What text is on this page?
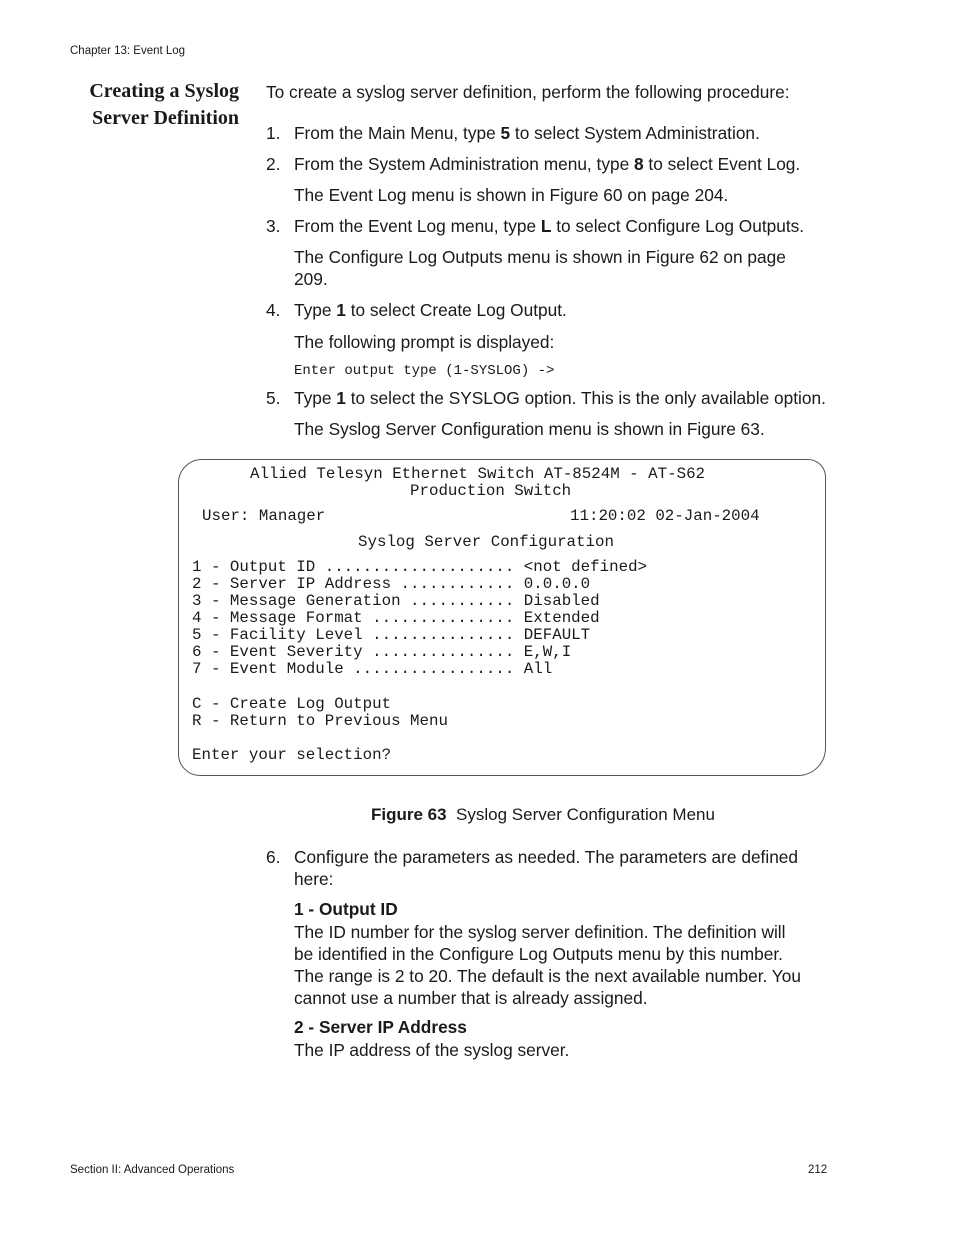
Chapter 13: Event Log
Creating a Syslog
Server Definition
To create a syslog server definition, perform the following procedure:
1. From the Main Menu, type 5 to select System Administration.
2. From the System Administration menu, type 8 to select Event Log.
The Event Log menu is shown in Figure 60 on page 204.
3. From the Event Log menu, type L to select Configure Log Outputs.
The Configure Log Outputs menu is shown in Figure 62 on page
209.
4. Type 1 to select Create Log Output.
The following prompt is displayed:
Enter output type (1-SYSLOG) ->
5. Type 1 to select the SYSLOG option. This is the only available option.
The Syslog Server Configuration menu is shown in Figure 63.
Allied Telesyn Ethernet Switch AT-8524M - AT-S62
Production Switch
User: Manager	11:20:02 02-Jan-2004
Syslog Server Configuration
1 - Output ID .................... <not defined>
2 - Server IP Address ............ 0.0.0.0
3 - Message Generation ........... Disabled
4 - Message Format ............... Extended
5 - Facility Level ............... DEFAULT
6 - Event Severity ............... E,W,I
7 - Event Module ................. All
C - Create Log Output
R - Return to Previous Menu
Enter your selection?
Figure 63 Syslog Server Configuration Menu
6. Configure the parameters as needed. The parameters are defined
here:
1 - Output ID
The ID number for the syslog server definition. The definition will
be identified in the Configure Log Outputs menu by this number.
The range is 2 to 20. The default is the next available number. You
cannot use a number that is already assigned.
2 - Server IP Address
The IP address of the syslog server.
Section II: Advanced Operations	212
